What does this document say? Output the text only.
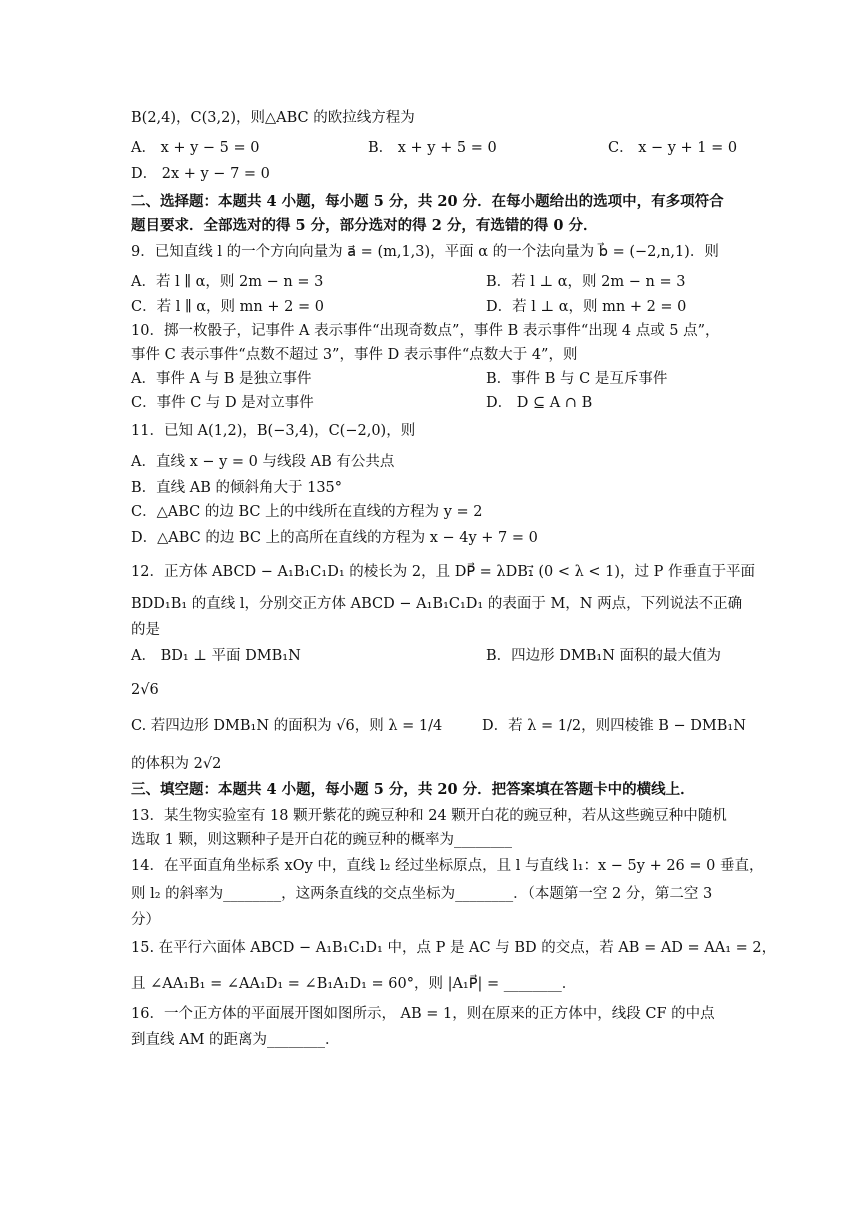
B(2,4)，C(3,2)，则△ABC 的欧拉线方程为
A． x + y − 5 = 0	B． x + y + 5 = 0	C． x − y + 1 = 0
D． 2x + y − 7 = 0
二、选择题：本题共 4 小题，每小题 5 分，共 20 分．在每小题给出的选项中，有多项符合
题目要求．全部选对的得 5 分，部分选对的得 2 分，有选错的得 0 分．
9．已知直线 l 的一个方向向量为 a⃗ = (m,1,3)，平面 α 的一个法向量为 b⃗ = (−2,n,1)．则
A．若 l ∥ α，则 2m − n = 3	B．若 l ⊥ α，则 2m − n = 3
C．若 l ∥ α，则 mn + 2 = 0	D．若 l ⊥ α，则 mn + 2 = 0
10．掷一枚骰子，记事件 A 表示事件“出现奇数点”，事件 B 表示事件“出现 4 点或 5 点”，
事件 C 表示事件“点数不超过 3”，事件 D 表示事件“点数大于 4”，则
A．事件 A 与 B 是独立事件	B．事件 B 与 C 是互斥事件
C．事件 C 与 D 是对立事件	D． D ⊆ A ∩ B
11．已知 A(1,2)，B(−3,4)，C(−2,0)，则
A．直线 x − y = 0 与线段 AB 有公共点
B．直线 AB 的倾斜角大于 135°
C．△ABC 的边 BC 上的中线所在直线的方程为 y = 2
D．△ABC 的边 BC 上的高所在直线的方程为 x − 4y + 7 = 0
12．正方体 ABCD − A₁B₁C₁D₁ 的棱长为 2，且 DP⃗ = λDB₁⃗ (0 < λ < 1)，过 P 作垂直于平面
BDD₁B₁ 的直线 l，分别交正方体 ABCD − A₁B₁C₁D₁ 的表面于 M，N 两点，下列说法不正确
的是
A． BD₁ ⊥ 平面 DMB₁N	B．四边形 DMB₁N 面积的最大值为
2√6
C. 若四边形 DMB₁N 的面积为 √6，则 λ = 1/4	D．若 λ = 1/2，则四棱锥 B − DMB₁N
的体积为 2√2
三、填空题：本题共 4 小题，每小题 5 分，共 20 分．把答案填在答题卡中的横线上．
13．某生物实验室有 18 颗开紫花的豌豆种和 24 颗开白花的豌豆种，若从这些豌豆种中随机
选取 1 颗，则这颗种子是开白花的豌豆种的概率为________
14．在平面直角坐标系 xOy 中，直线 l₂ 经过坐标原点，且 l 与直线 l₁：x − 5y + 26 = 0 垂直，
则 l₂ 的斜率为________，这两条直线的交点坐标为________．（本题第一空 2 分，第二空 3
分）
15. 在平行六面体 ABCD − A₁B₁C₁D₁ 中，点 P 是 AC 与 BD 的交点，若 AB = AD = AA₁ = 2，
且 ∠AA₁B₁ = ∠AA₁D₁ = ∠B₁A₁D₁ = 60°，则 |A₁P⃗| = ________．
16．一个正方体的平面展开图如图所示， AB = 1，则在原来的正方体中，线段 CF 的中点
到直线 AM 的距离为________．
